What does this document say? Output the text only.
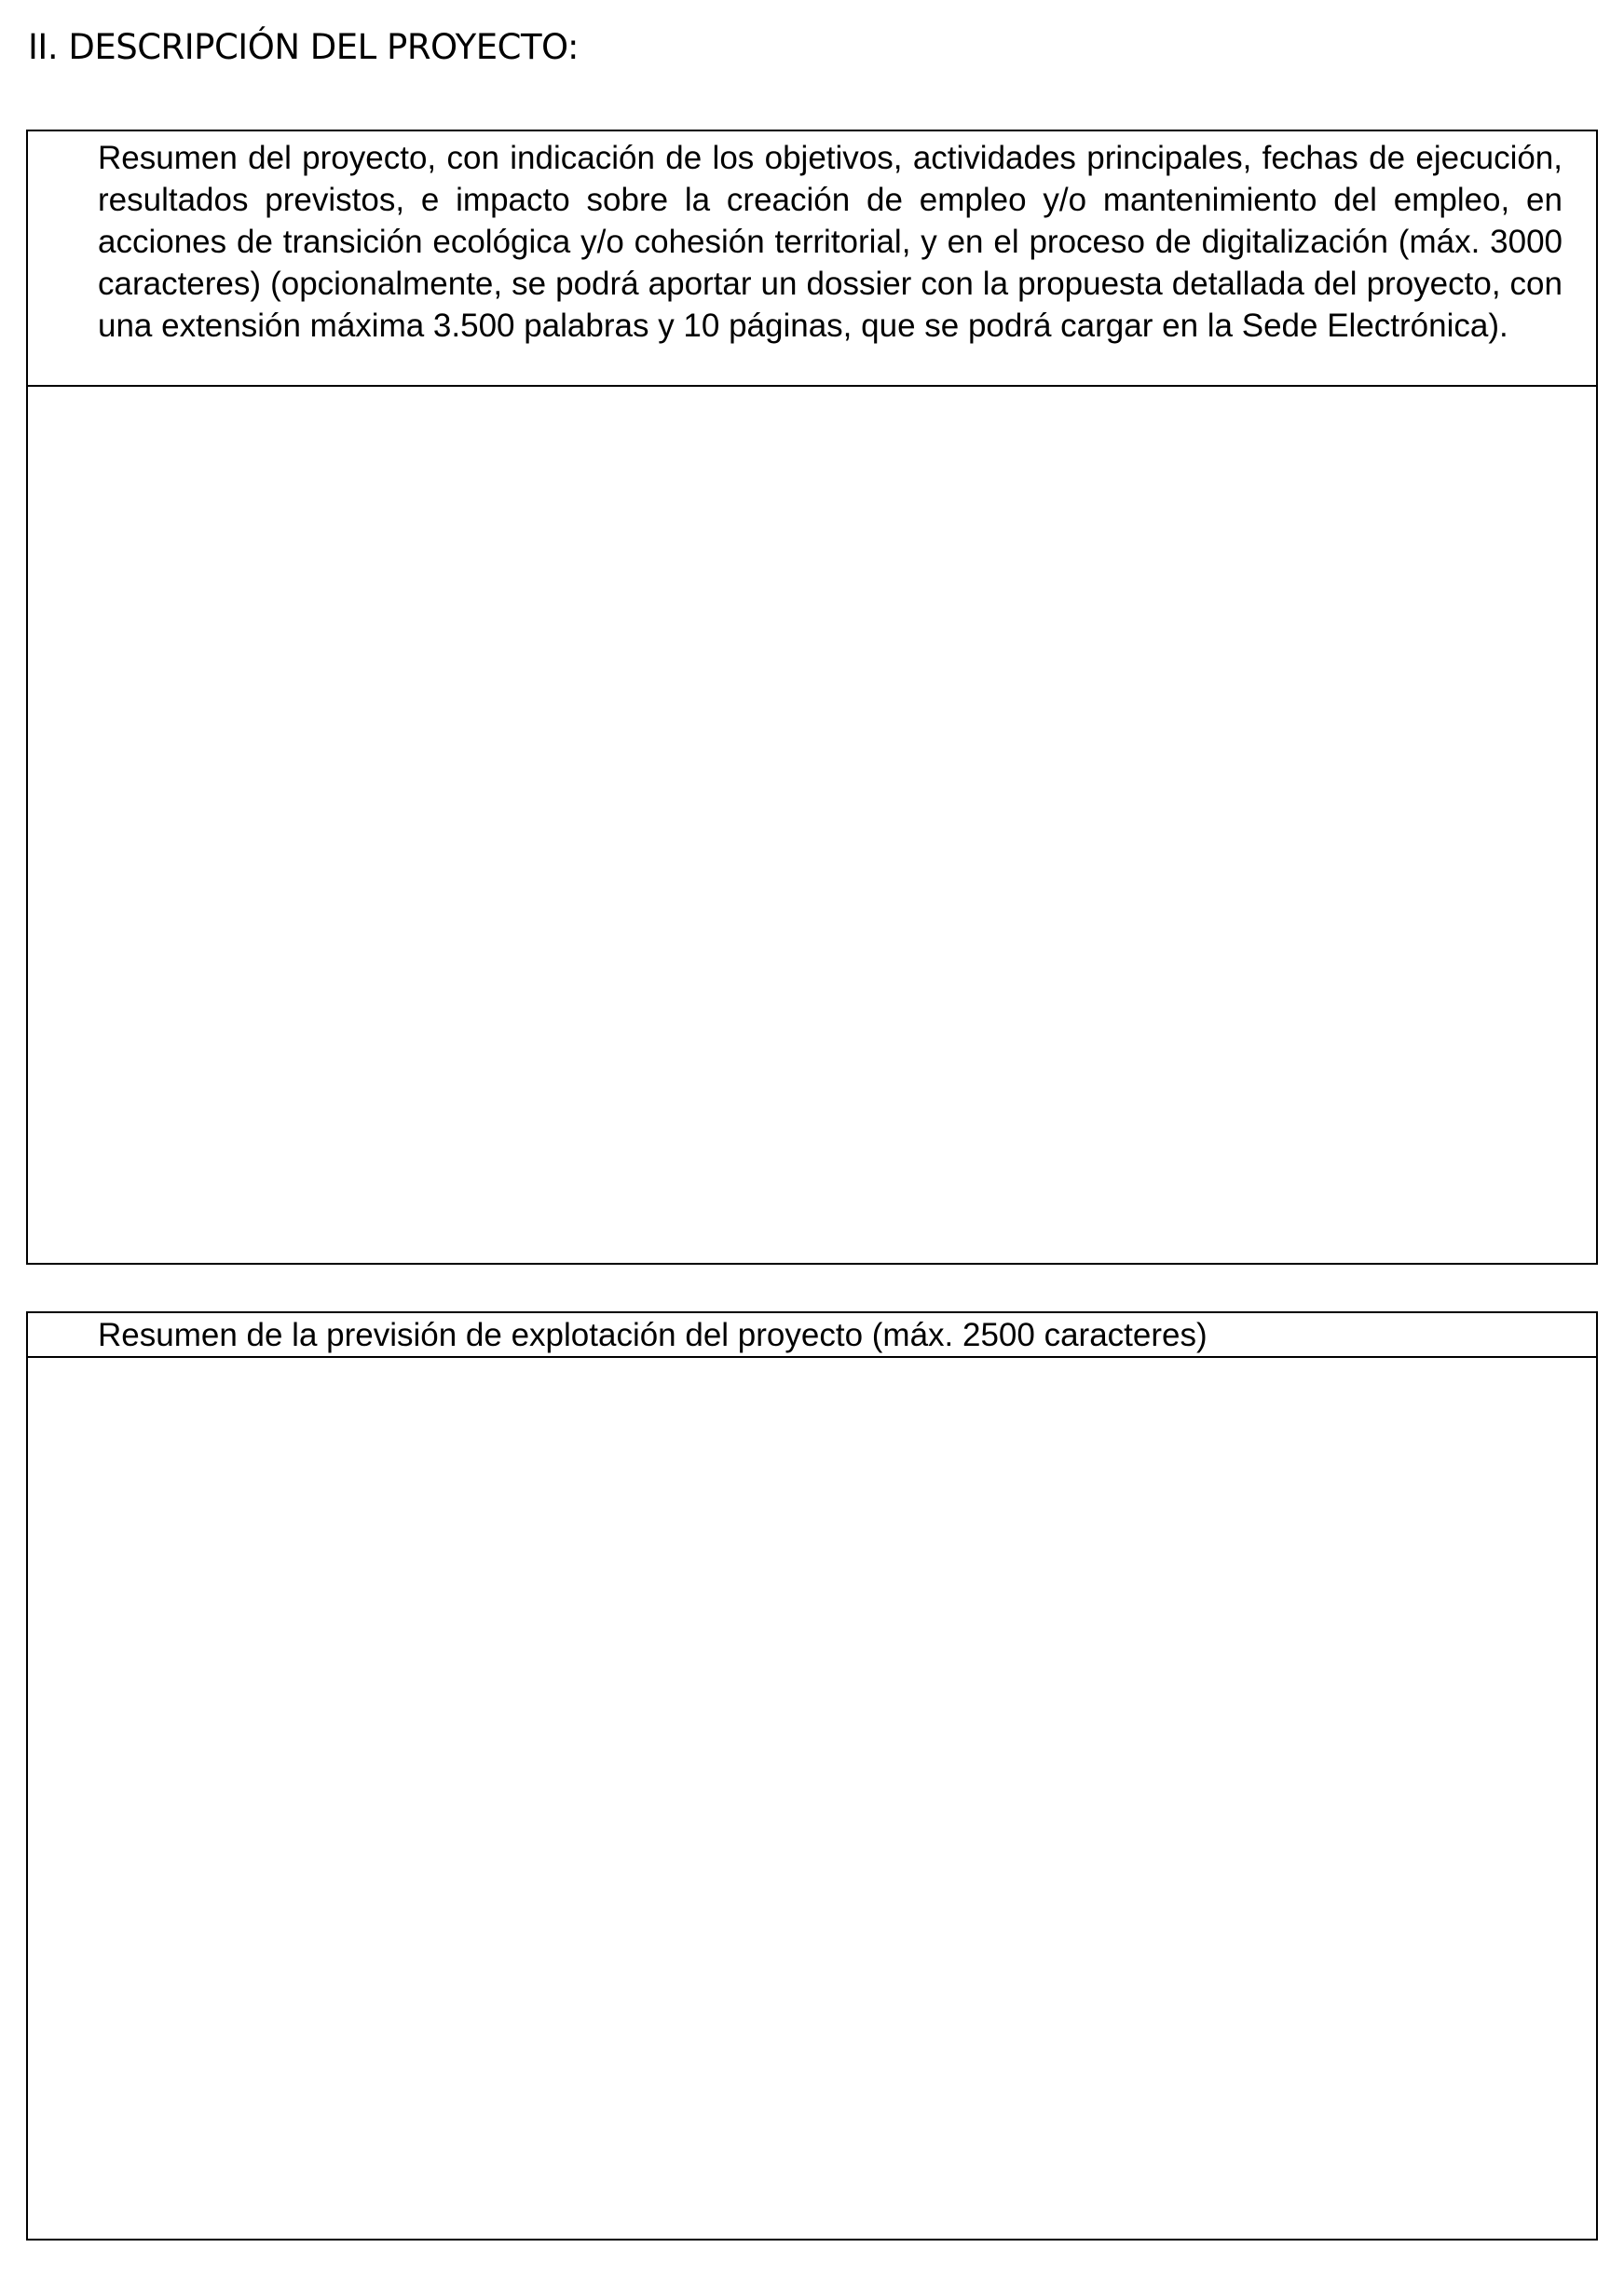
II. DESCRIPCIÓN DEL PROYECTO:

Resumen del proyecto, con indicación de los objetivos, actividades principales, fechas de ejecución, resultados previstos, e impacto sobre la creación de empleo y/o mantenimiento del empleo, en acciones de transición ecológica y/o cohesión territorial, y en el proceso de digitalización (máx. 3000 caracteres) (opcionalmente, se podrá aportar un dossier con la propuesta detallada del proyecto, con una extensión máxima 3.500 palabras y 10 páginas, que se podrá cargar en la Sede Electrónica).

Resumen de la previsión de explotación del proyecto (máx. 2500 caracteres)
